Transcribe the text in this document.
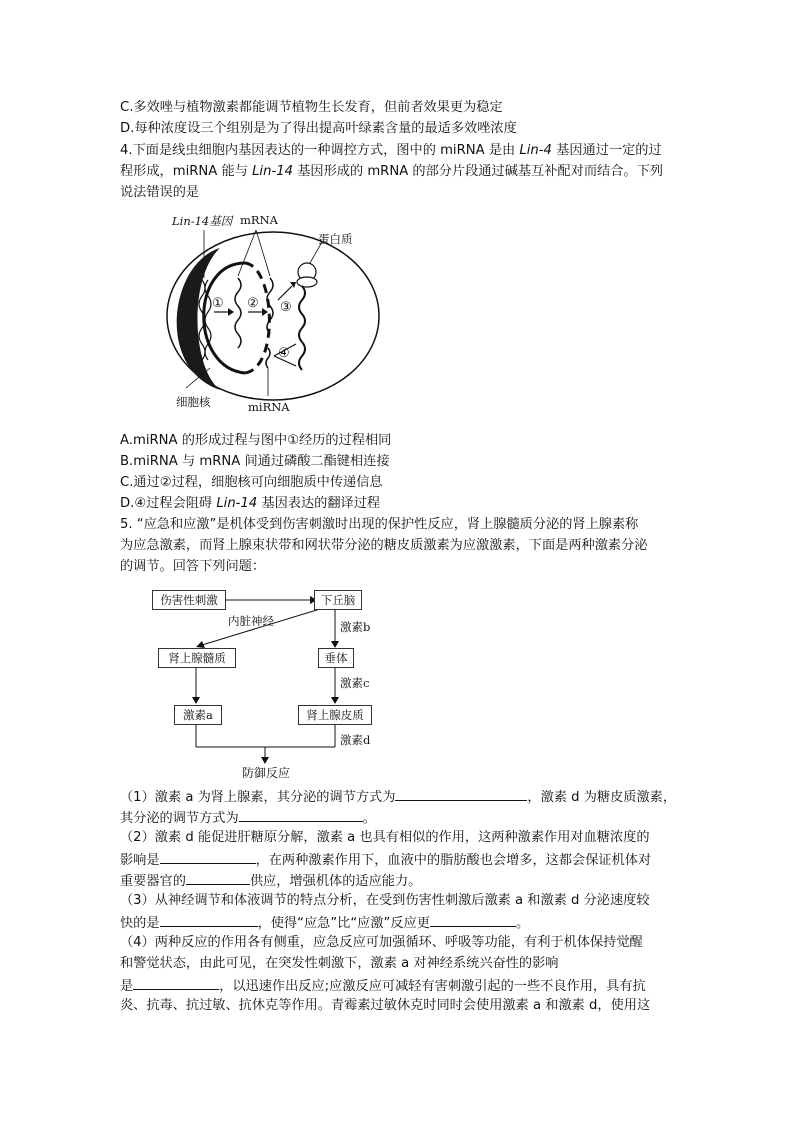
C.多效唑与植物激素都能调节植物生长发育，但前者效果更为稳定
D.每种浓度设三个组别是为了得出提高叶绿素含量的最适多效唑浓度
4.下面是线虫细胞内基因表达的一种调控方式，图中的 miRNA 是由 Lin-4 基因通过一定的过
程形成，miRNA 能与 Lin-14 基因形成的 mRNA 的部分片段通过碱基互补配对而结合。下列
说法错误的是
Lin-14基因 mRNA
蛋白质
细胞核	miRNA
① ② ③
④
A.miRNA 的形成过程与图中①经历的过程相同
B.miRNA 与 mRNA 间通过磷酸二酯键相连接
C.通过②过程，细胞核可向细胞质中传递信息
D.④过程会阻碍 Lin-14 基因表达的翻译过程
5. “应急和应激”是机体受到伤害刺激时出现的保护性反应，肾上腺髓质分泌的肾上腺素称
为应急激素，而肾上腺束状带和网状带分泌的糖皮质激素为应激激素，下面是两种激素分泌
的调节。回答下列问题：
伤害性刺激	下丘脑
内脏神经	激素b
肾上腺髓质	垂体
激素c
激素a	肾上腺皮质
激素d
防御反应
（1）激素 a 为肾上腺素，其分泌的调节方式为	，激素 d 为糖皮质激素，
其分泌的调节方式为	。
（2）激素 d 能促进肝糖原分解，激素 a 也具有相似的作用，这两种激素作用对血糖浓度的
影响是	，在两种激素作用下，血液中的脂肪酸也会增多，这都会保证机体对
重要器官的	供应，增强机体的适应能力。
（3）从神经调节和体液调节的特点分析，在受到伤害性刺激后激素 a 和激素 d 分泌速度较
快的是	，使得“应急”比“应激”反应更	。
（4）两种反应的作用各有侧重，应急反应可加强循环、呼吸等功能，有利于机体保持觉醒
和警觉状态，由此可见，在突发性刺激下，激素 a 对神经系统兴奋性的影响
是	，以迅速作出反应;应激反应可减轻有害刺激引起的一些不良作用，具有抗
炎、抗毒、抗过敏、抗休克等作用。青霉素过敏休克时同时会使用激素 a 和激素 d，使用这
